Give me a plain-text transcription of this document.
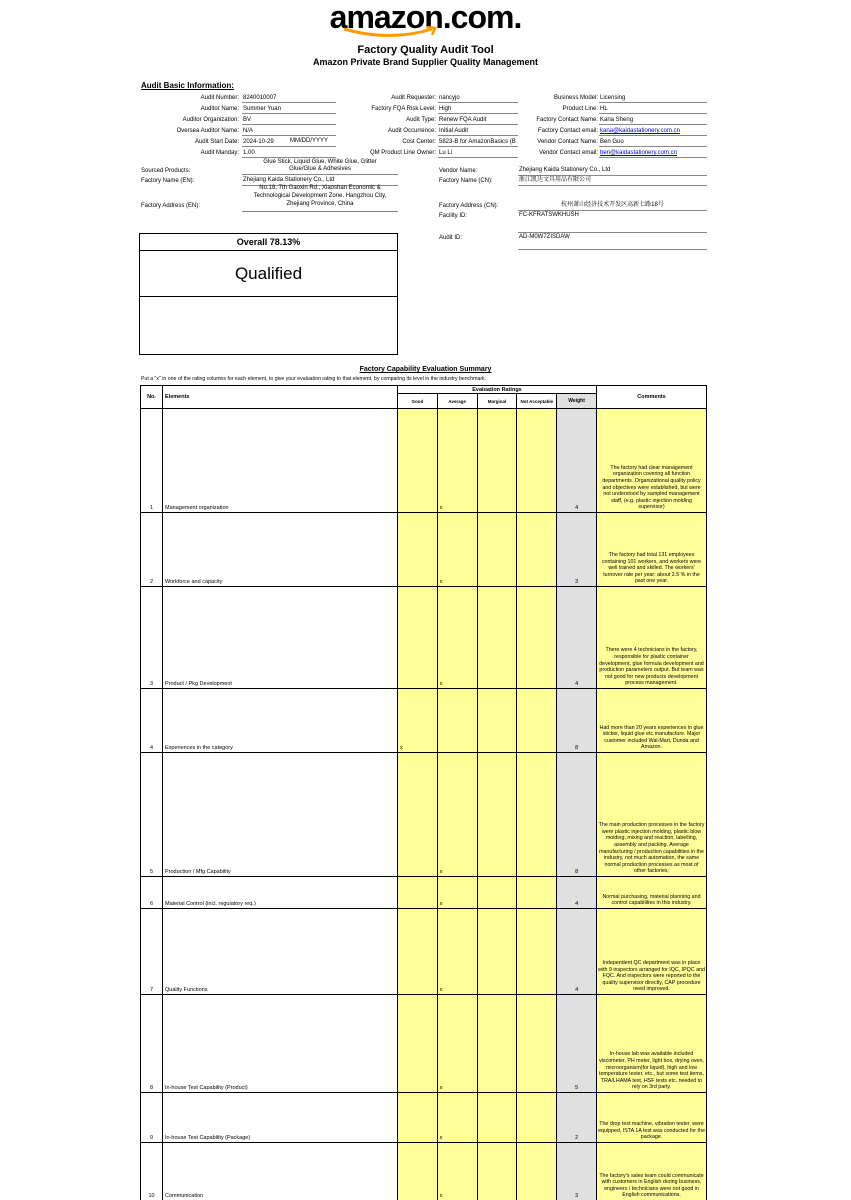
amazon.com.
Factory Quality Audit Tool
Amazon Private Brand Supplier Quality Management
Audit Basic Information:
Audit Number: 8240010007
Auditor Name: Summer Yuan
Auditor Organization: BV
Oversea Auditor Name: N/A
Audit Start Date: 2024-10-29
Audit Manday: 1.00
MM/DD/YYYY
Audit Requester: nancyjo
Factory FQA Risk Level: High
Audit Type: Renew FQA Audit
Audit Occurrence: Initial Audit
Cost Center: 5823-B for AmazonBasics (B
QM Product Line Owner: Lu Li
Business Model: Licensing
Product Line: HL
Factory Contact Name: Kana Sheng
Factory Contact email: kana@kaidastationery.com.cn
Vendor Contact Name: Ben Guo
Vendor Contact email: ben@kaidastationery.com.cn
Sourced Products:
Glue Stick, Liquid Glue, White Glue, Glitter
Glue/Glue & Adhesives
Factory Name (EN):	Zhejiang Kaida Stationery Co., Ltd
No.18, 7th Gaoxin Rd., Xiaoshan Economic &
Technological Development Zone, Hangzhou City,
Zhejiang Province, China
Factory Address (EN):
Vendor Name:	Zhejiang Kaida Stationery Co., Ltd
Factory Name (CN):	浙江凯达文具用品有限公司
Factory Address (CN):	杭州萧山经济技术开发区高新七路18号
Facility ID:	FC-KFRATSWKHUSH
Audit ID:	AD-M0W7ZISDAW
Overall 78.13%
Qualified
Factory Capability Evaluation Summary
Put a "x" in one of the rating columns for each element, to give your evaluation rating to that element, by comparing its level in the industry benchmark.
No.	Elements	Evaluation Ratings					Comments
		Good	Average	Marginal	Not Acceptable	Weight	
1	Management organization		x			4	The factory had clear management organization covering all function departments. Organizational quality policy and objectives were established, but were not understood by sampled management staff, (e.g. plastic injection molding supervisor)
2	Workforce and capacity		x			3	The factory had total 131 employees containing 101 workers, and workers were well trained and skilled. The workers' turnover rate per year: about 2.5 % in the past one year.
3	Product / Pkg Development		x			4	There were 4 technicians in the factory, responsible for plastic container development, glue formula development and production parameters output. But team was not good for new products development process management.
4	Experiences in the category	x				8	Had more than 20 years experiences in glue sticker, liquid glue etc.manufacture. Major customer included Wal-Mart, Dunda and Amazon.
5	Production / Mfg Capability		x			8	The main production processes in the factory were plastic injection molding, plastic blow molding, mixing and reaction, labelling, assembly and packing. Average manufacturing / production capabilities in the industry, not much automation, the same normal production processes as most of other factories;
6	Material Control (incl. regulatory req.)		x			4	Normal purchasing, material planning and control capabilities in this industry.
7	Quality Functions		x			4	Independent QC department was in place with 9 inspectors arranged for IQC, IPQC and FQC. And inspectors were reported to the quality supervisor directly, CAP procedure need improved.
8	In-house Test Capability (Product)		x			5	In-house lab was available included viscometer, PH meter, light box, drying oven, microorganism(for liquid), high and low temperature tester, etc., but some test items, TRA/LHAMA test, HSF tests etc. needed to rely on 3rd party.
9	In-house Test Capability (Package)		x			2	The drop test machine, vibration tester, were equipped, ISTA 1A test was conducted for the package.
10	Communication		x			3	The factory's sales team could communicate with customers in English during business, engineers / technicians were not good in English communications.
